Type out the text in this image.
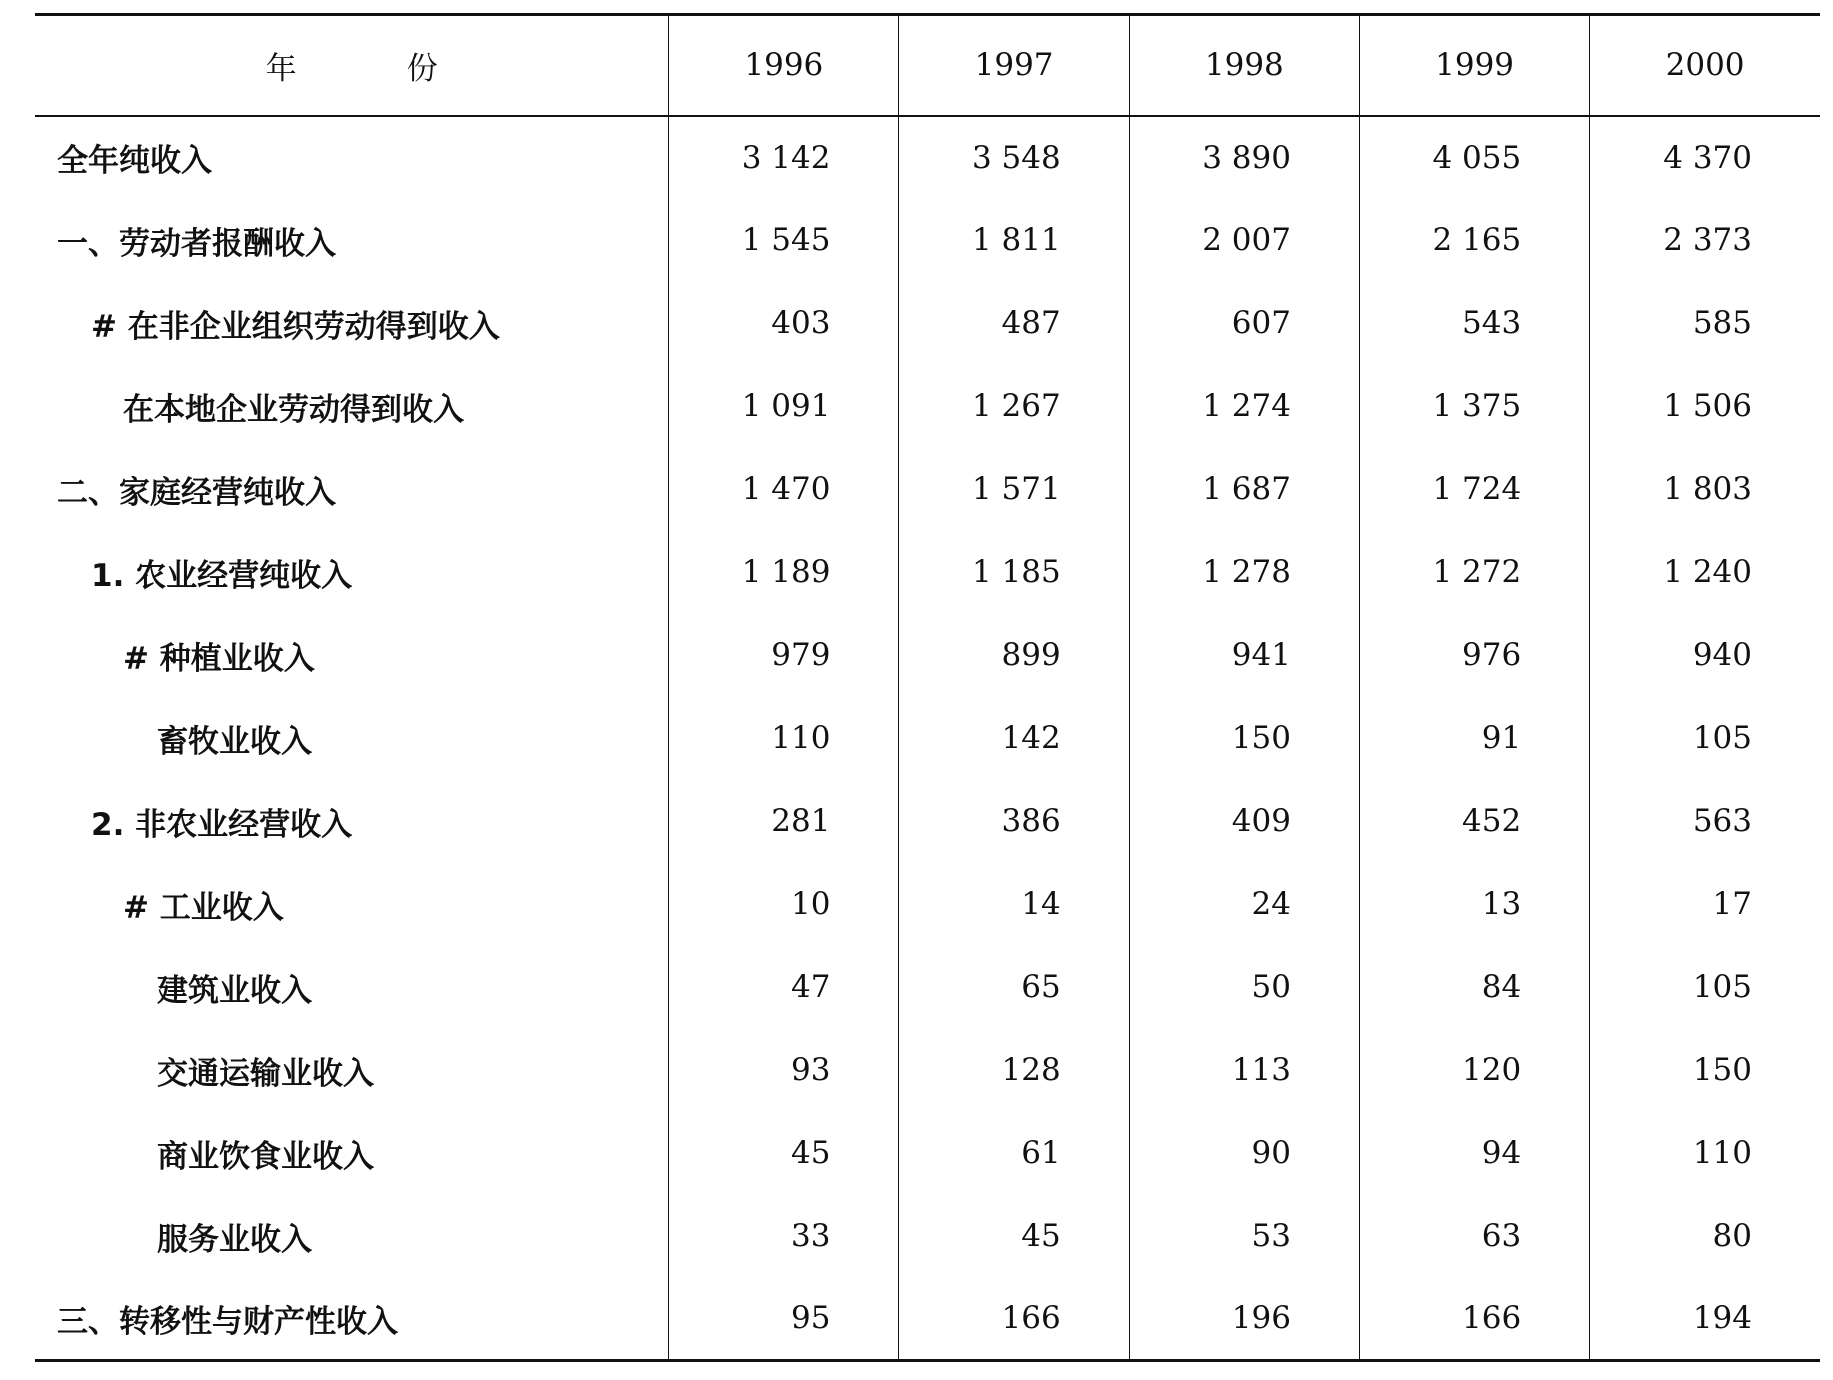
年 份	1996	1997	1998	1999	2000
全年纯收入	3 142	3 548	3 890	4 055	4 370
一、劳动者报酬收入	1 545	1 811	2 007	2 165	2 373
# 在非企业组织劳动得到收入	403	487	607	543	585
在本地企业劳动得到收入	1 091	1 267	1 274	1 375	1 506
二、家庭经营纯收入	1 470	1 571	1 687	1 724	1 803
1. 农业经营纯收入	1 189	1 185	1 278	1 272	1 240
# 种植业收入	979	899	941	976	940
畜牧业收入	110	142	150	91	105
2. 非农业经营收入	281	386	409	452	563
# 工业收入	10	14	24	13	17
建筑业收入	47	65	50	84	105
交通运输业收入	93	128	113	120	150
商业饮食业收入	45	61	90	94	110
服务业收入	33	45	53	63	80
三、转移性与财产性收入	95	166	196	166	194
